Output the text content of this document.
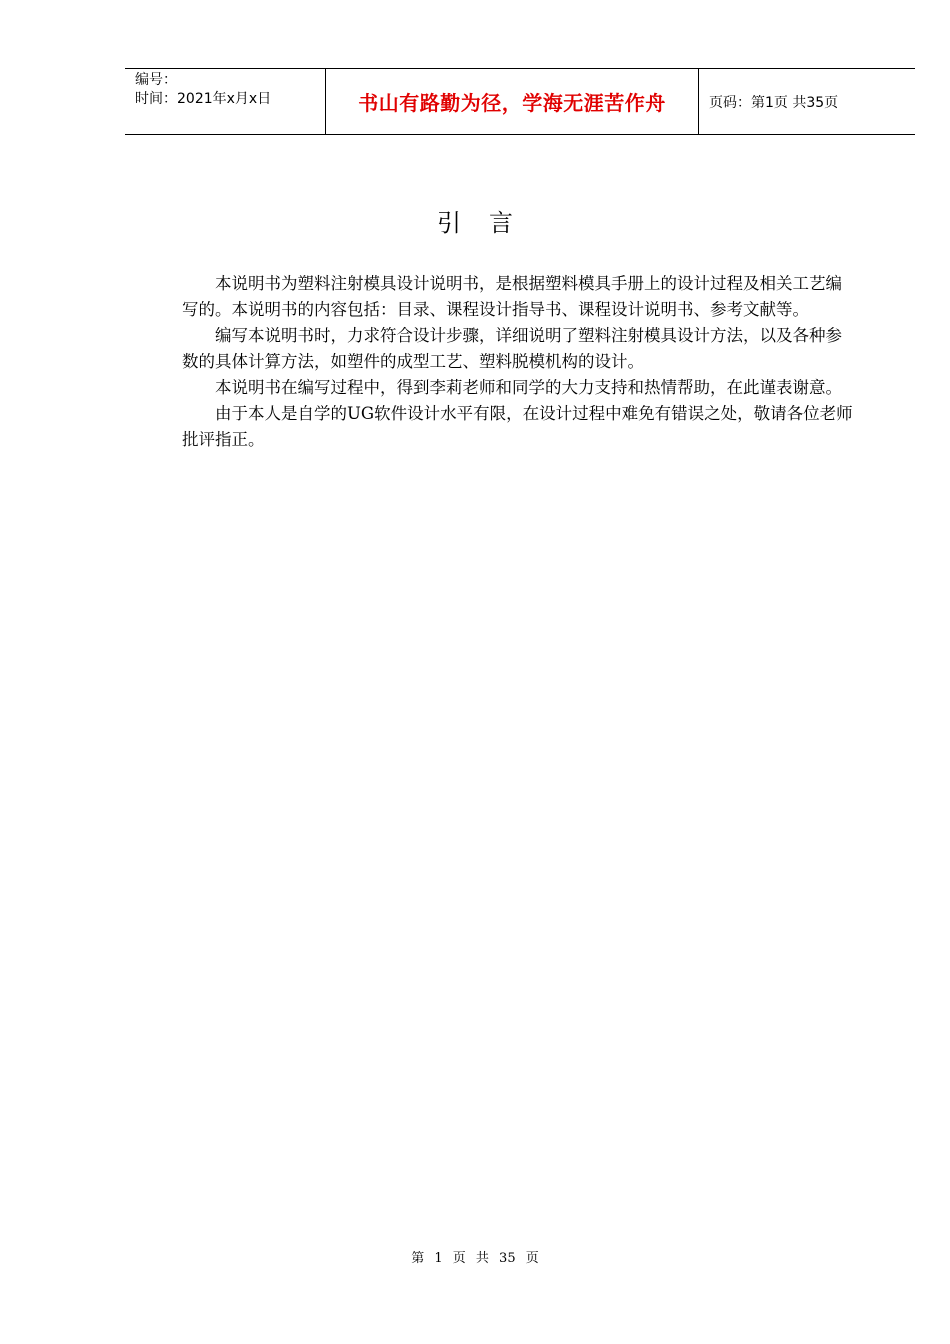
编号：
时间：2021年x月x日	书山有路勤为径，学海无涯苦作舟	页码：第1页 共35页
引言

本说明书为塑料注射模具设计说明书，是根据塑料模具手册上的设计过程及相关工艺编写的。本说明书的内容包括：目录、课程设计指导书、课程设计说明书、参考文献等。

编写本说明书时，力求符合设计步骤，详细说明了塑料注射模具设计方法，以及各种参数的具体计算方法，如塑件的成型工艺、塑料脱模机构的设计。

本说明书在编写过程中，得到李莉老师和同学的大力支持和热情帮助，在此谨表谢意。

由于本人是自学的UG软件设计水平有限，在设计过程中难免有错误之处，敬请各位老师批评指正。

第 1 页 共 35 页
